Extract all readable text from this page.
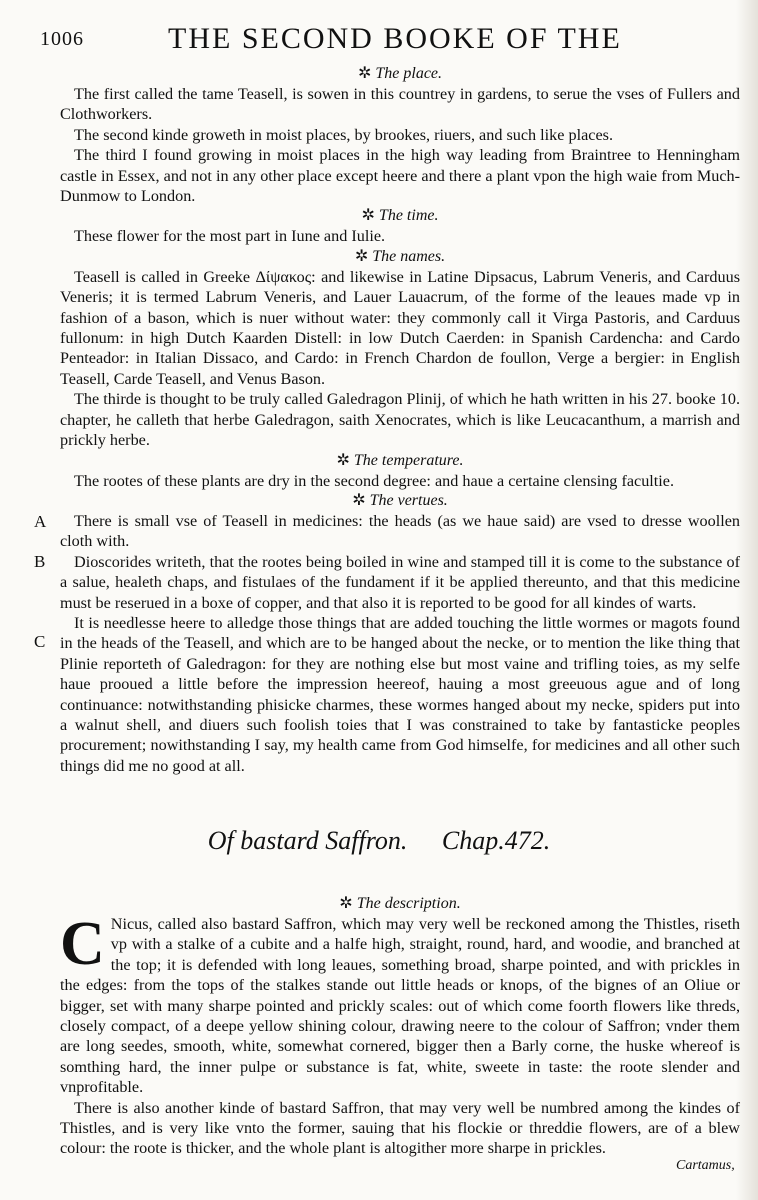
1006	THE SECOND BOOKE OF THE
✲ The place.

The first called the tame Teasell, is sowen in this countrey in gardens, to serue the vses of Fullers and Clothworkers.

The second kinde groweth in moist places, by brookes, riuers, and such like places.

The third I found growing in moist places in the high way leading from Braintree to Henningham castle in Essex, and not in any other place except heere and there a plant vpon the high waie from Much-Dunmow to London.

✲ The time.

These flower for the most part in Iune and Iulie.

✲ The names.

Teasell is called in Greeke Δίψακος: and likewise in Latine Dipsacus, Labrum Veneris, and Carduus Veneris; it is termed Labrum Veneris, and Lauer Lauacrum, of the forme of the leaues made vp in fashion of a bason, which is nuer without water: they commonly call it Virga Pastoris, and Carduus fullonum: in high Dutch Kaarden Distell: in low Dutch Caerden: in Spanish Cardencha: and Cardo Penteador: in Italian Dissaco, and Cardo: in French Chardon de foullon, Verge a bergier: in English Teasell, Carde Teasell, and Venus Bason.

The thirde is thought to be truly called Galedragon Plinij, of which he hath written in his 27. booke 10. chapter, he calleth that herbe Galedragon, saith Xenocrates, which is like Leucacanthum, a marrish and prickly herbe.

✲ The temperature.

The rootes of these plants are dry in the second degree: and haue a certaine clensing facultie.

✲ The vertues.

There is small vse of Teasell in medicines: the heads (as we haue said) are vsed to dresse woollen cloth with.

Dioscorides writeth, that the rootes being boiled in wine and stamped till it is come to the substance of a salue, healeth chaps, and fistulaes of the fundament if it be applied thereunto, and that this medicine must be reserued in a boxe of copper, and that also it is reported to be good for all kindes of warts.

It is needlesse heere to alledge those things that are added touching the little wormes or magots found in the heads of the Teasell, and which are to be hanged about the necke, or to mention the like thing that Plinie reporteth of Galedragon: for they are nothing else but most vaine and trifling toies, as my selfe haue prooued a little before the impression heereof, hauing a most greeuous ague and of long continuance: notwithstanding phisicke charmes, these wormes hanged about my necke, spiders put into a walnut shell, and diuers such foolish toies that I was constrained to take by fantasticke peoples procurement; nowithstanding I say, my health came from God himselfe, for medicines and all other such things did me no good at all.

A
B
C
Of bastard Saffron. Chap.472.
✲ The description.

C Nicus, called also bastard Saffron, which may very well be reckoned among the Thistles, riseth vp with a stalke of a cubite and a halfe high, straight, round, hard, and woodie, and branched at the top; it is defended with long leaues, something broad, sharpe pointed, and with prickles in the edges: from the tops of the stalkes stande out little heads or knops, of the bignes of an Oliue or bigger, set with many sharpe pointed and prickly scales: out of which come foorth flowers like threds, closely compact, of a deepe yellow shining colour, drawing neere to the colour of Saffron; vnder them are long seedes, smooth, white, somewhat cornered, bigger then a Barly corne, the huske whereof is somthing hard, the inner pulpe or substance is fat, white, sweete in taste: the roote slender and vnprofitable.

There is also another kinde of bastard Saffron, that may very well be numbred among the kindes of Thistles, and is very like vnto the former, sauing that his flockie or threddie flowers, are of a blew colour: the roote is thicker, and the whole plant is altogither more sharpe in prickles.

Cartamus,
